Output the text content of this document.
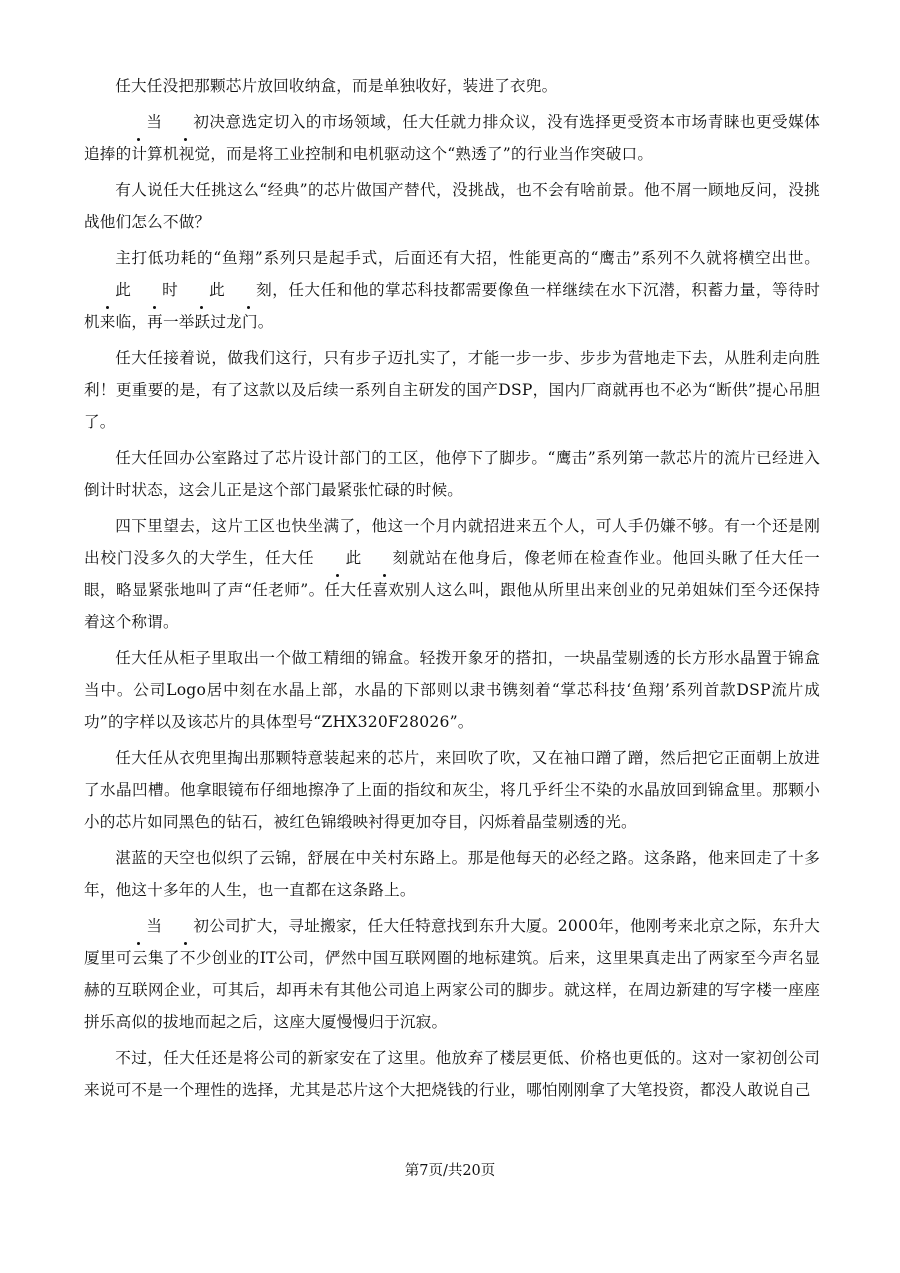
任大任没把那颗芯片放回收纳盒，而是单独收好，装进了衣兜。

当 初决意选定切入的市场领域，任大任就力排众议，没有选择更受资本市场青睐也更受媒体追捧的计算机视觉，而是将工业控制和电机驱动这个“熟透了”的行业当作突破口。

有人说任大任挑这么“经典”的芯片做国产替代，没挑战，也不会有啥前景。他不屑一顾地反问，没挑战他们怎么不做？

主打低功耗的“鱼翔”系列只是起手式，后面还有大招，性能更高的“鹰击”系列不久就将横空出世。此 时 此 刻，任大任和他的掌芯科技都需要像鱼一样继续在水下沉潜，积蓄力量，等待时机来临，再一举跃过龙门。

任大任接着说，做我们这行，只有步子迈扎实了，才能一步一步、步步为营地走下去，从胜利走向胜利！更重要的是，有了这款以及后续一系列自主研发的国产DSP，国内厂商就再也不必为“断供”提心吊胆了。

任大任回办公室路过了芯片设计部门的工区，他停下了脚步。“鹰击”系列第一款芯片的流片已经进入倒计时状态，这会儿正是这个部门最紧张忙碌的时候。

四下里望去，这片工区也快坐满了，他这一个月内就招进来五个人，可人手仍嫌不够。有一个还是刚出校门没多久的大学生，任大任 此 刻就站在他身后，像老师在检查作业。他回头瞅了任大任一眼，略显紧张地叫了声“任老师”。任大任喜欢别人这么叫，跟他从所里出来创业的兄弟姐妹们至今还保持着这个称谓。

任大任从柜子里取出一个做工精细的锦盒。轻拨开象牙的搭扣，一块晶莹剔透的长方形水晶置于锦盒当中。公司Logo居中刻在水晶上部，水晶的下部则以隶书镌刻着“掌芯科技‘鱼翔’系列首款DSP流片成功”的字样以及该芯片的具体型号“ZHX320F28026”。

任大任从衣兜里掏出那颗特意装起来的芯片，来回吹了吹，又在袖口蹭了蹭，然后把它正面朝上放进了水晶凹槽。他拿眼镜布仔细地擦净了上面的指纹和灰尘，将几乎纤尘不染的水晶放回到锦盒里。那颗小小的芯片如同黑色的钻石，被红色锦缎映衬得更加夺目，闪烁着晶莹剔透的光。

湛蓝的天空也似织了云锦，舒展在中关村东路上。那是他每天的必经之路。这条路，他来回走了十多年，他这十多年的人生，也一直都在这条路上。

当 初公司扩大，寻址搬家，任大任特意找到东升大厦。2000年，他刚考来北京之际，东升大厦里可云集了不少创业的IT公司，俨然中国互联网圈的地标建筑。后来，这里果真走出了两家至今声名显赫的互联网企业，可其后，却再未有其他公司追上两家公司的脚步。就这样，在周边新建的写字楼一座座拼乐高似的拔地而起之后，这座大厦慢慢归于沉寂。

不过，任大任还是将公司的新家安在了这里。他放弃了楼层更低、价格也更低的。这对一家初创公司来说可不是一个理性的选择，尤其是芯片这个大把烧钱的行业，哪怕刚刚拿了大笔投资，都没人敢说自己

第7页/共20页
